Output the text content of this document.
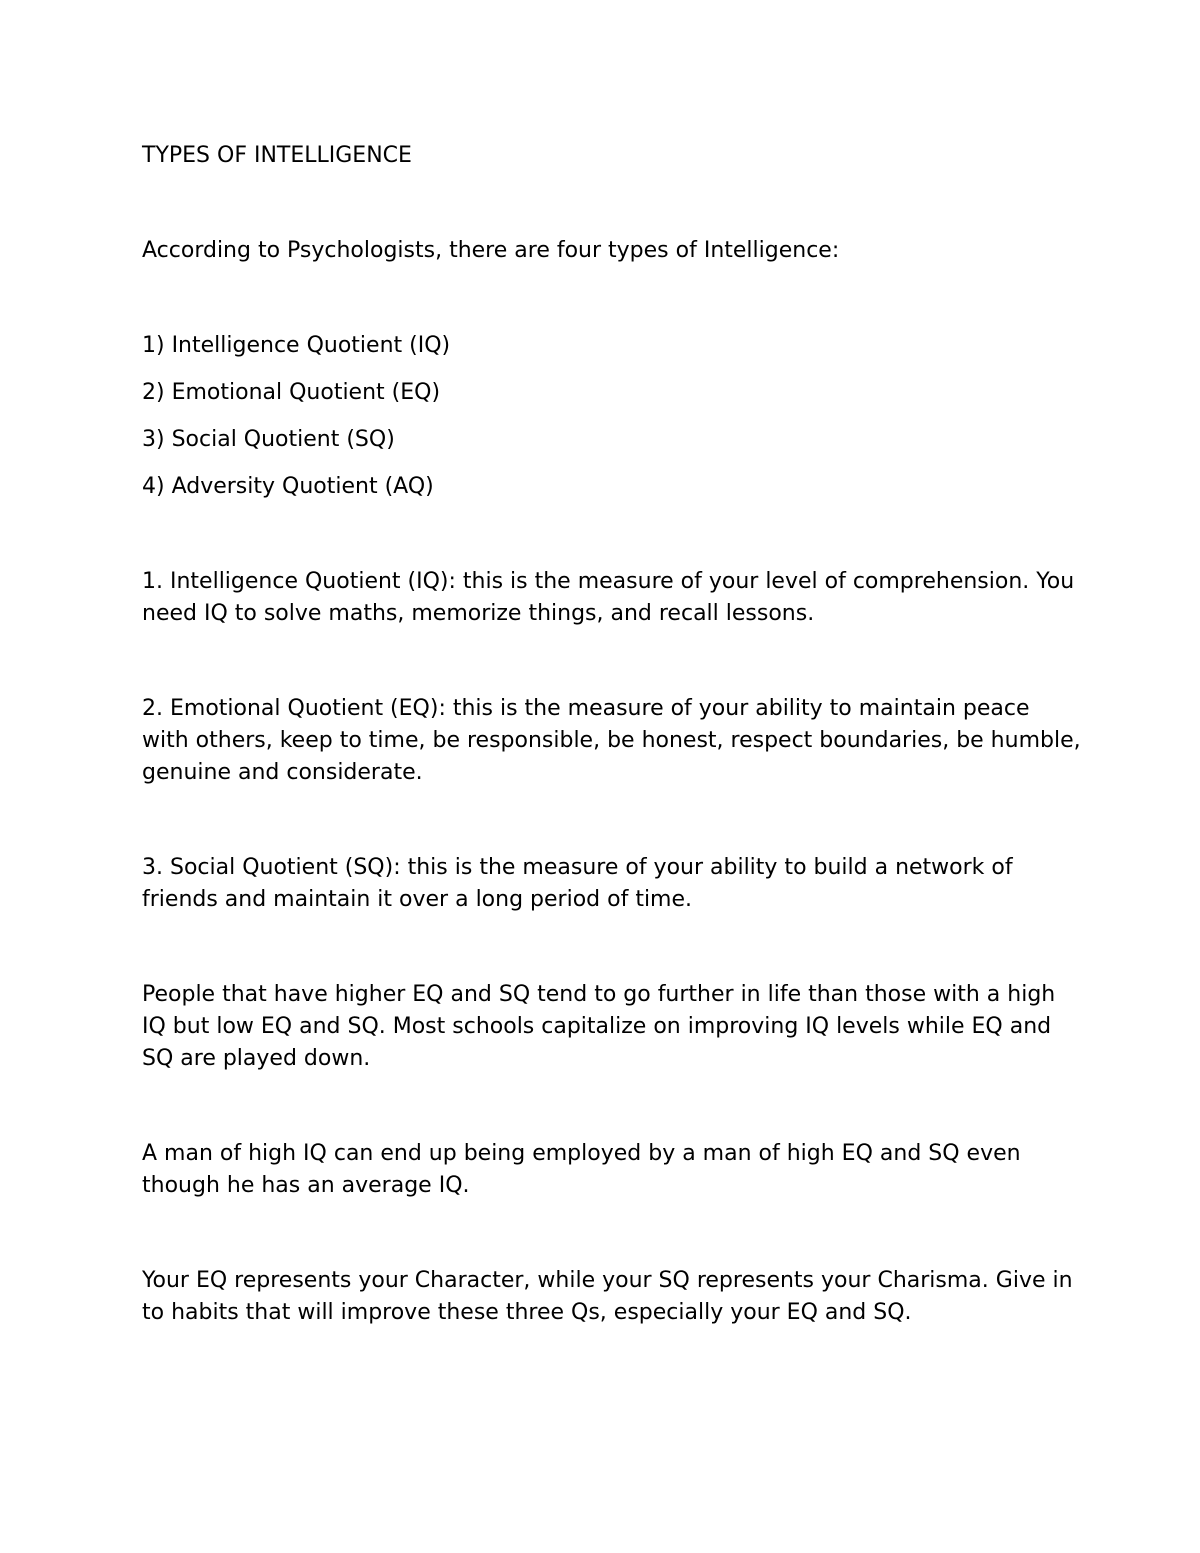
TYPES OF INTELLIGENCE

According to Psychologists, there are four types of Intelligence:

1) Intelligence Quotient (IQ)

2) Emotional Quotient (EQ)

3) Social Quotient (SQ)

4) Adversity Quotient (AQ)

1. Intelligence Quotient (IQ): this is the measure of your level of comprehension. You need IQ to solve maths, memorize things, and recall lessons.

2. Emotional Quotient (EQ): this is the measure of your ability to maintain peace with others, keep to time, be responsible, be honest, respect boundaries, be humble, genuine and considerate.

3. Social Quotient (SQ): this is the measure of your ability to build a network of friends and maintain it over a long period of time.

People that have higher EQ and SQ tend to go further in life than those with a high IQ but low EQ and SQ. Most schools capitalize on improving IQ levels while EQ and SQ are played down.

A man of high IQ can end up being employed by a man of high EQ and SQ even though he has an average IQ.

Your EQ represents your Character, while your SQ represents your Charisma. Give in to habits that will improve these three Qs, especially your EQ and SQ.
